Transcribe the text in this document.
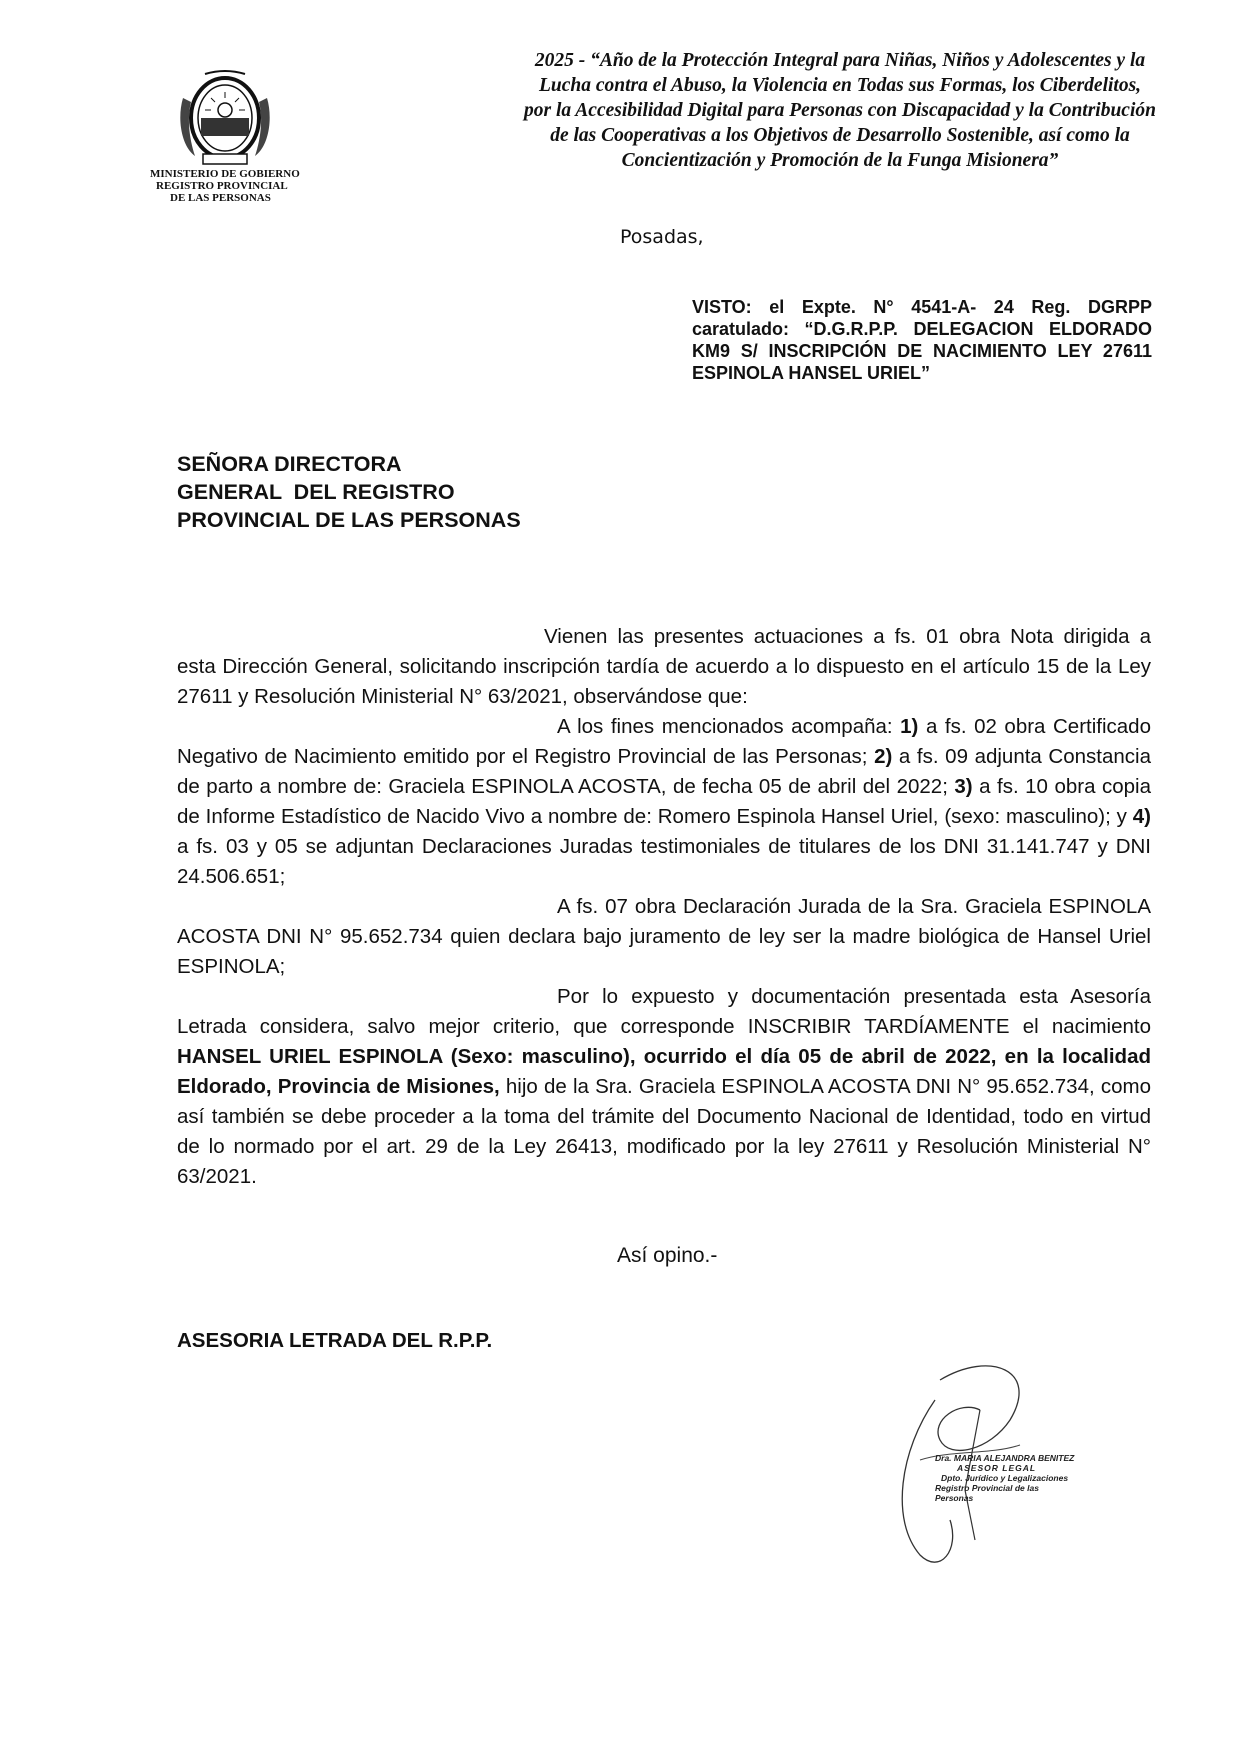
MINISTERIO DE GOBIERNO
REGISTRO PROVINCIAL
DE LAS PERSONAS
2025 - “Año de la Protección Integral para Niñas, Niños y Adolescentes y la
Lucha contra el Abuso, la Violencia en Todas sus Formas, los Ciberdelitos,
por la Accesibilidad Digital para Personas con Discapacidad y la Contribución
de las Cooperativas a los Objetivos de Desarrollo Sostenible, así como la
Concientización y Promoción de la Funga Misionera”
Posadas,
VISTO: el Expte. N° 4541-A- 24 Reg. DGRPP caratulado: “D.G.R.P.P. DELEGACION ELDORADO KM9 S/ INSCRIPCIÓN DE NACIMIENTO LEY 27611 ESPINOLA HANSEL URIEL”
SEÑORA DIRECTORA
GENERAL  DEL REGISTRO
PROVINCIAL DE LAS PERSONAS

Vienen las presentes actuaciones a fs. 01 obra Nota dirigida a esta Dirección General, solicitando inscripción tardía de acuerdo a lo dispuesto en el artículo 15 de la Ley 27611 y Resolución Ministerial N° 63/2021, observándose que:

A los fines mencionados acompaña: 1) a fs. 02 obra Certificado Negativo de Nacimiento emitido por el Registro Provincial de las Personas; 2) a fs. 09 adjunta Constancia de parto a nombre de: Graciela ESPINOLA ACOSTA, de fecha 05 de abril del 2022; 3) a fs. 10 obra copia de Informe Estadístico de Nacido Vivo a nombre de: Romero Espinola Hansel Uriel, (sexo: masculino); y 4) a fs. 03 y 05 se adjuntan Declaraciones Juradas testimoniales de titulares de los DNI 31.141.747 y DNI 24.506.651;

A fs. 07 obra Declaración Jurada de la Sra. Graciela ESPINOLA ACOSTA DNI N° 95.652.734 quien declara bajo juramento de ley ser la madre biológica de Hansel Uriel ESPINOLA;

Por lo expuesto y documentación presentada esta Asesoría Letrada considera, salvo mejor criterio, que corresponde INSCRIBIR TARDÍAMENTE el nacimiento HANSEL URIEL ESPINOLA (Sexo: masculino), ocurrido el día 05 de abril de 2022, en la localidad Eldorado, Provincia de Misiones, hijo de la Sra. Graciela ESPINOLA ACOSTA DNI N° 95.652.734, como así también se debe proceder a la toma del trámite del Documento Nacional de Identidad, todo en virtud de lo normado por el art. 29 de la Ley 26413, modificado por la ley 27611 y Resolución Ministerial N° 63/2021.

Así opino.-
ASESORIA LETRADA DEL R.P.P.
Dra. MARIA ALEJANDRA BENITEZ
ASESOR LEGAL
Dpto. Jurídico y Legalizaciones
Registro Provincial de las Personas
